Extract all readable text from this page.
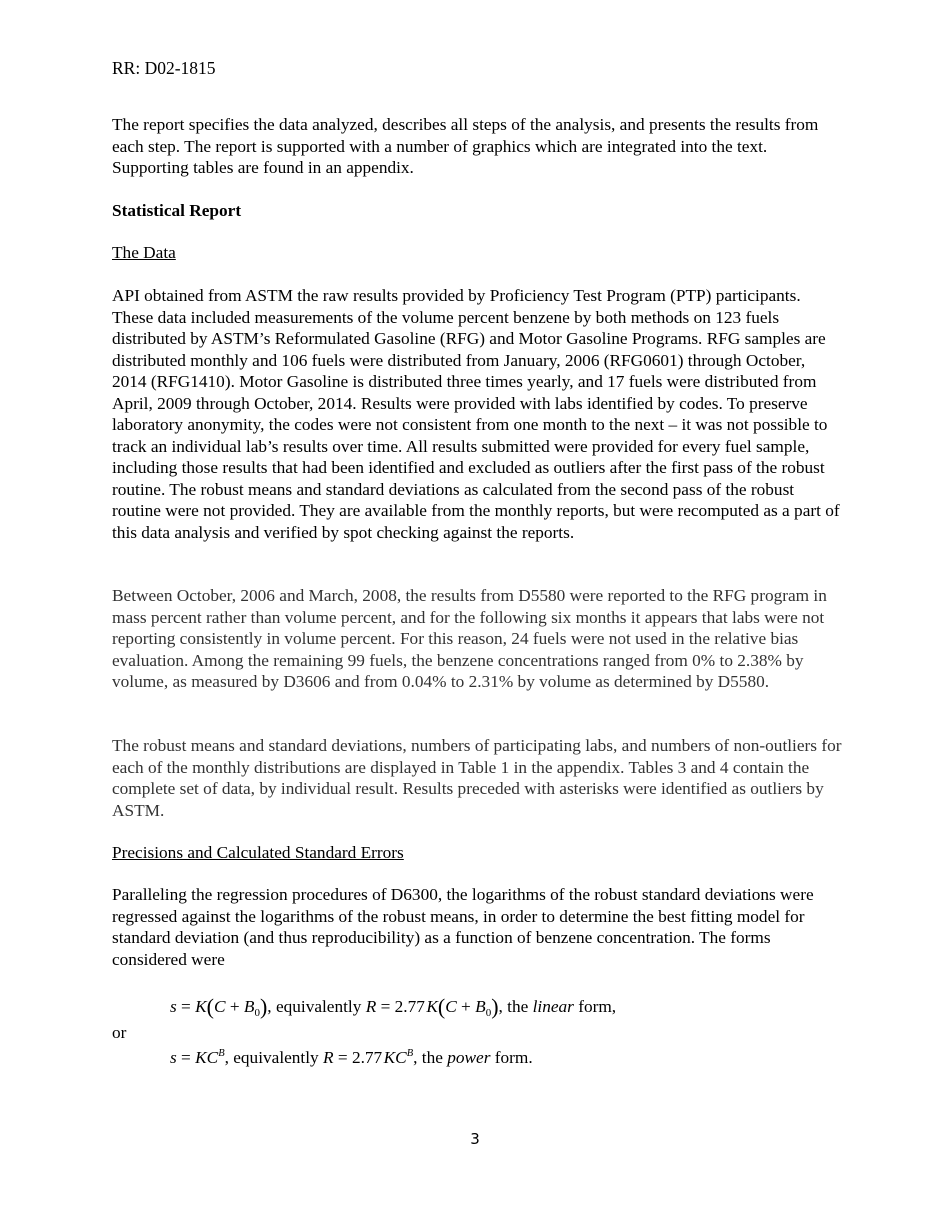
RR: D02-1815

The report specifies the data analyzed, describes all steps of the analysis, and presents the results from each step. The report is supported with a number of graphics which are integrated into the text. Supporting tables are found in an appendix.

Statistical Report

The Data

API obtained from ASTM the raw results provided by Proficiency Test Program (PTP) participants. These data included measurements of the volume percent benzene by both methods on 123 fuels distributed by ASTM’s Reformulated Gasoline (RFG) and Motor Gasoline Programs. RFG samples are distributed monthly and 106 fuels were distributed from January, 2006 (RFG0601) through October, 2014 (RFG1410). Motor Gasoline is distributed three times yearly, and 17 fuels were distributed from April, 2009 through October, 2014. Results were provided with labs identified by codes. To preserve laboratory anonymity, the codes were not consistent from one month to the next – it was not possible to track an individual lab’s results over time. All results submitted were provided for every fuel sample, including those results that had been identified and excluded as outliers after the first pass of the robust routine. The robust means and standard deviations as calculated from the second pass of the robust routine were not provided. They are available from the monthly reports, but were recomputed as a part of this data analysis and verified by spot checking against the reports.

Between October, 2006 and March, 2008, the results from D5580 were reported to the RFG program in mass percent rather than volume percent, and for the following six months it appears that labs were not reporting consistently in volume percent. For this reason, 24 fuels were not used in the relative bias evaluation. Among the remaining 99 fuels, the benzene concentrations ranged from 0% to 2.38% by volume, as measured by D3606 and from 0.04% to 2.31% by volume as determined by D5580.

The robust means and standard deviations, numbers of participating labs, and numbers of non-outliers for each of the monthly distributions are displayed in Table 1 in the appendix. Tables 3 and 4 contain the complete set of data, by individual result. Results preceded with asterisks were identified as outliers by ASTM.

Precisions and Calculated Standard Errors

Paralleling the regression procedures of D6300, the logarithms of the robust standard deviations were regressed against the logarithms of the robust means, in order to determine the best fitting model for standard deviation (and thus reproducibility) as a function of benzene concentration. The forms considered were

$s = K(C + B_0)$, equivalently R = 2.77 $K(C + B_0)$, the linear form,
or
$s = KC^B$, equivalently R = 2.77 $KC^B$, the power form.
3
